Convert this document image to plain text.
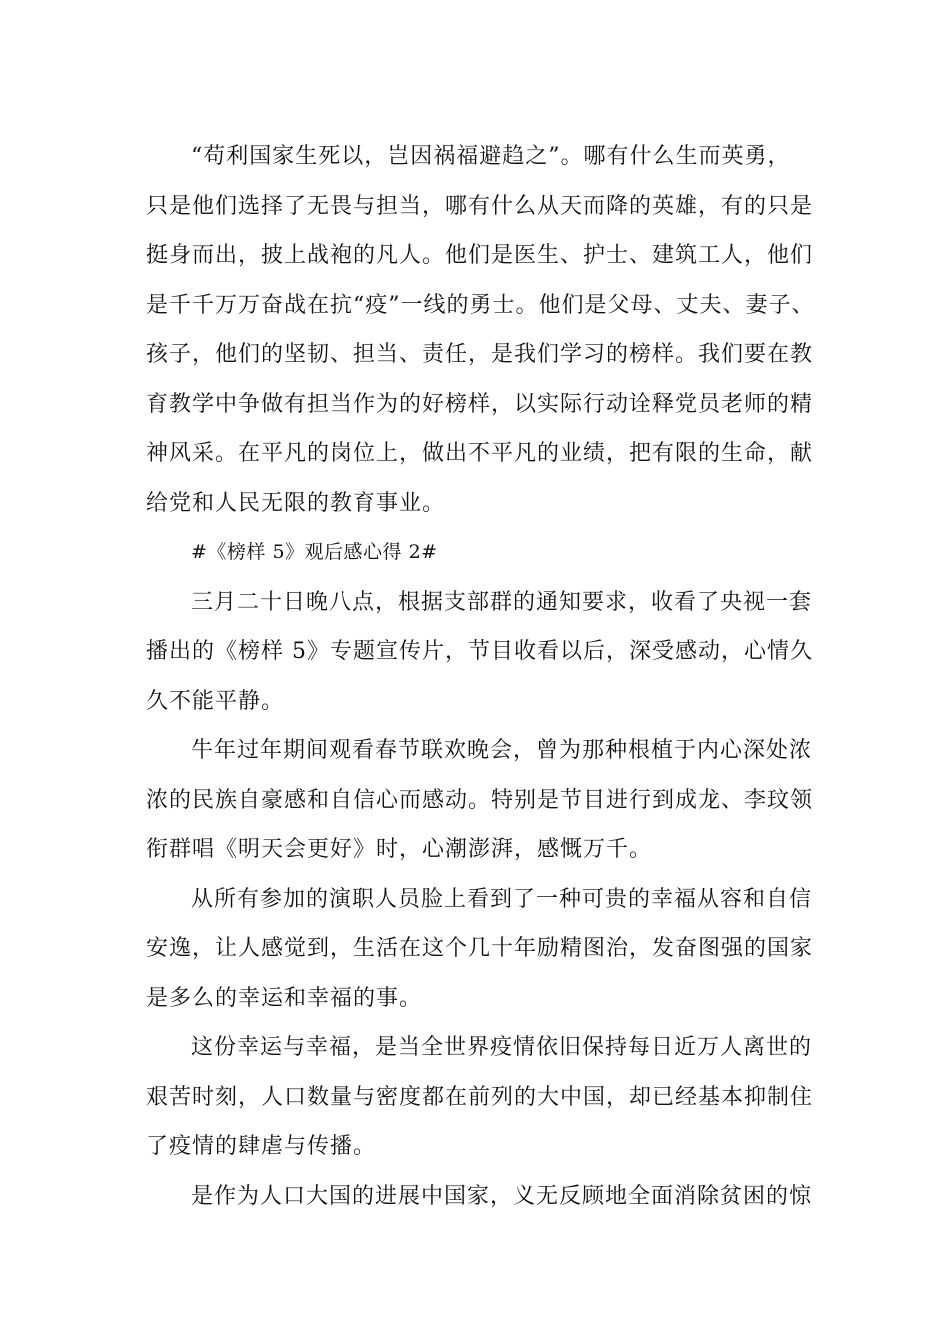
“苟利国家生死以，岂因祸福避趋之”。哪有什么生而英勇，
只是他们选择了无畏与担当，哪有什么从天而降的英雄，有的只是
挺身而出，披上战袍的凡人。他们是医生、护士、建筑工人，他们
是千千万万奋战在抗“疫”一线的勇士。他们是父母、丈夫、妻子、
孩子，他们的坚韧、担当、责任，是我们学习的榜样。我们要在教
育教学中争做有担当作为的好榜样，以实际行动诠释党员老师的精
神风采。在平凡的岗位上，做出不平凡的业绩，把有限的生命，献
给党和人民无限的教育事业。
#《榜样 5》观后感心得 2#
三月二十日晚八点，根据支部群的通知要求，收看了央视一套
播出的《榜样 5》专题宣传片，节目收看以后，深受感动，心情久
久不能平静。
牛年过年期间观看春节联欢晚会，曾为那种根植于内心深处浓
浓的民族自豪感和自信心而感动。特别是节目进行到成龙、李玟领
衔群唱《明天会更好》时，心潮澎湃，感慨万千。
从所有参加的演职人员脸上看到了一种可贵的幸福从容和自信
安逸，让人感觉到，生活在这个几十年励精图治，发奋图强的国家
是多么的幸运和幸福的事。
这份幸运与幸福，是当全世界疫情依旧保持每日近万人离世的
艰苦时刻，人口数量与密度都在前列的大中国，却已经基本抑制住
了疫情的肆虐与传播。
是作为人口大国的进展中国家，义无反顾地全面消除贫困的惊
